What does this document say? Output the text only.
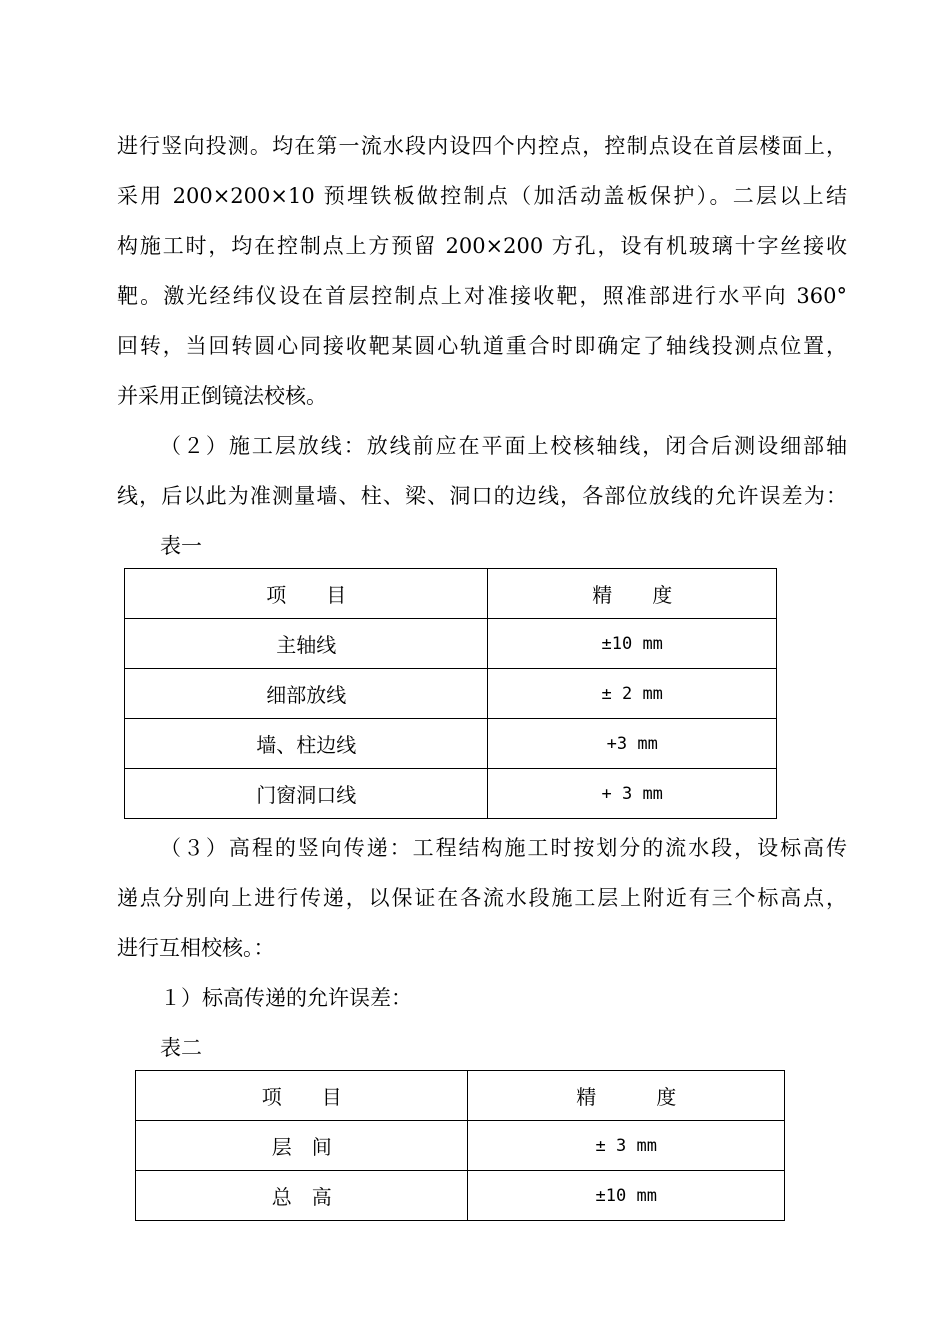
进行竖向投测。均在第一流水段内设四个内控点，控制点设在首层楼面上，
采用 200×200×10 预埋铁板做控制点（加活动盖板保护）。二层以上结
构施工时，均在控制点上方预留 200×200 方孔，设有机玻璃十字丝接收
靶。激光经纬仪设在首层控制点上对准接收靶，照准部进行水平向 360°
回转，当回转圆心同接收靶某圆心轨道重合时即确定了轴线投测点位置，
并采用正倒镜法校核。
（２）施工层放线：放线前应在平面上校核轴线，闭合后测设细部轴
线，后以此为准测量墙、柱、梁、洞口的边线，各部位放线的允许误差为：
表一
项　　目	精　　度
主轴线	±10 mm
细部放线	± 2 mm
墙、柱边线	+3 mm
门窗洞口线	+ 3 mm
（３）高程的竖向传递：工程结构施工时按划分的流水段，设标高传
递点分别向上进行传递，以保证在各流水段施工层上附近有三个标高点，
进行互相校核。：
１）标高传递的允许误差：
表二
项　　目	精　　　度
层　间	± 3 mm
总　高	±10 mm
